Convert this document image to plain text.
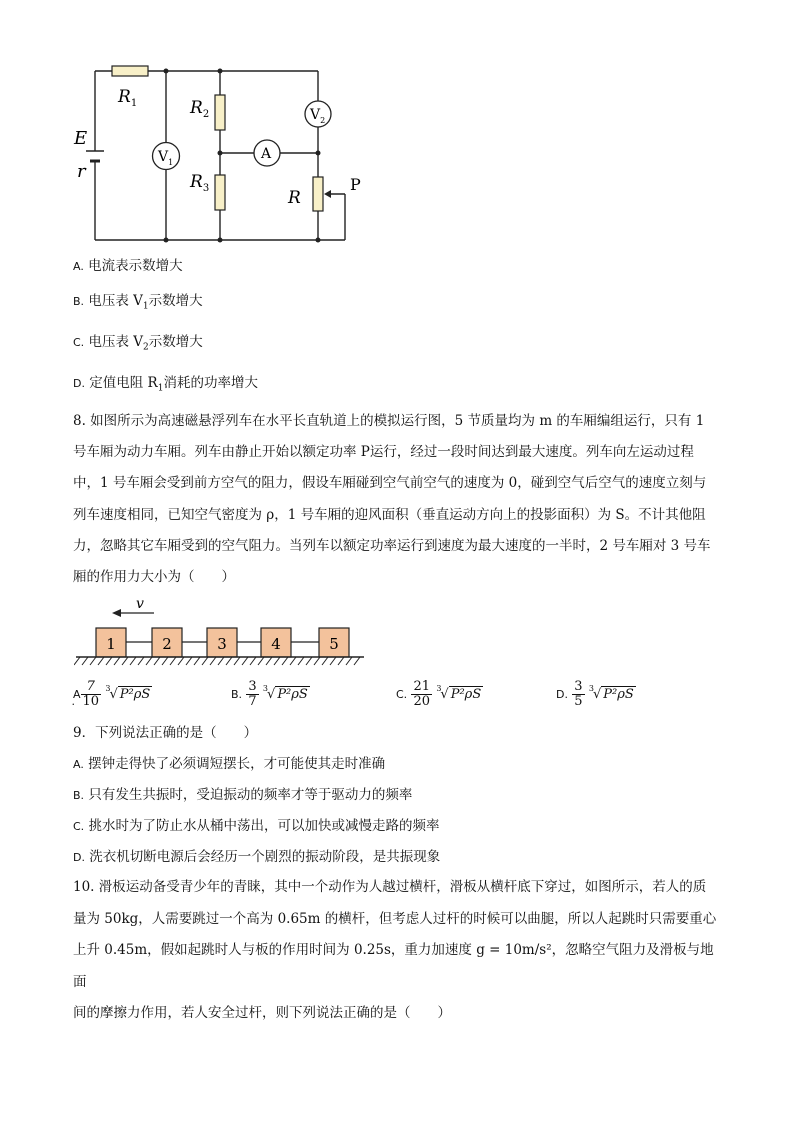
$R_1$	$R_2$
$R_3$	R
E
r
P
$V_1$
A
$V_2$
A. 电流表示数增大
B. 电压表 $V_1$示数增大
C. 电压表 $V_2$示数增大
D. 定值电阻 $R_1$消耗的功率增大
8. 如图所示为高速磁悬浮列车在水平长直轨道上的模拟运行图，5 节质量均为 m 的车厢编组运行，只有 1
号车厢为动力车厢。列车由静止开始以额定功率 P运行，经过一段时间达到最大速度。列车向左运动过程
中，1 号车厢会受到前方空气的阻力，假设车厢碰到空气前空气的速度为 0，碰到空气后空气的速度立刻与
列车速度相同，已知空气密度为 ρ，1 号车厢的迎风面积（垂直运动方向上的投影面积）为 S。不计其他阻
力，忽略其它车厢受到的空气阻力。当列车以额定功率运行到速度为最大速度的一半时，2 号车厢对 3 号车
厢的作用力大小为（　　）
v
1	2	3	4	5
A $\frac{7}{. 10} ^3√$ P²ρS	B. $\frac{3}{7} ^3√$ P²ρS	C. $\frac{21}{20} ^3√$ P²ρS	D. $\frac{3}{5} ^3√$ P²ρS
9．下列说法正确的是（　　）
A. 摆钟走得快了必须调短摆长，才可能使其走时准确
B. 只有发生共振时，受迫振动的频率才等于驱动力的频率
C. 挑水时为了防止水从桶中荡出，可以加快或减慢走路的频率
D. 洗衣机切断电源后会经历一个剧烈的振动阶段，是共振现象
10. 滑板运动备受青少年的青睐，其中一个动作为人越过横杆，滑板从横杆底下穿过，如图所示，若人的质
量为 50kg，人需要跳过一个高为 0.65m 的横杆，但考虑人过杆的时候可以曲腿，所以人起跳时只需要重心
上升 0.45m，假如起跳时人与板的作用时间为 0.25s，重力加速度 g = 10m/s²，忽略空气阻力及滑板与地面
间的摩擦力作用，若人安全过杆，则下列说法正确的是（　　）
